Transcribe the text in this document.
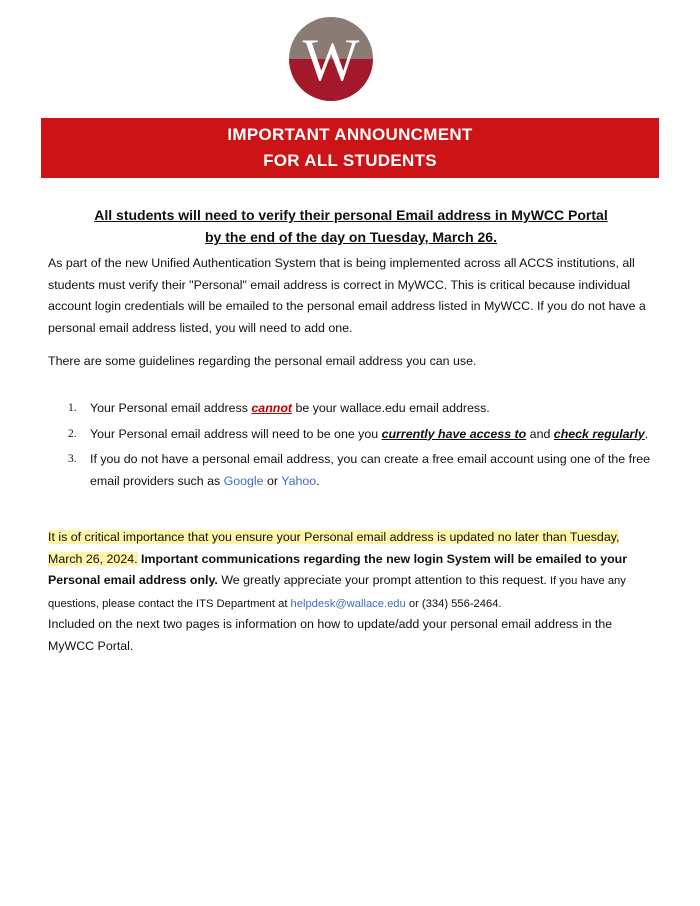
W
IMPORTANT ANNOUNCMENT
FOR ALL STUDENTS
All students will need to verify their personal Email address in MyWCC Portal
by the end of the day on Tuesday, March 26.
As part of the new Unified Authentication System that is being implemented across all ACCS institutions, all students must verify their "Personal" email address is correct in MyWCC. This is critical because individual account login credentials will be emailed to the personal email address listed in MyWCC. If you do not have a personal email address listed, you will need to add one.
There are some guidelines regarding the personal email address you can use.
1. Your Personal email address cannot be your wallace.edu email address.
2. Your Personal email address will need to be one you currently have access to and check regularly.
3. If you do not have a personal email address, you can create a free email account using one of the free email providers such as Google or Yahoo.
It is of critical importance that you ensure your Personal email address is updated no later than Tuesday, March 26, 2024. Important communications regarding the new login System will be emailed to your Personal email address only. We greatly appreciate your prompt attention to this request. If you have any questions, please contact the ITS Department at helpdesk@wallace.edu or (334) 556-2464.
Included on the next two pages is information on how to update/add your personal email address in the MyWCC Portal.
